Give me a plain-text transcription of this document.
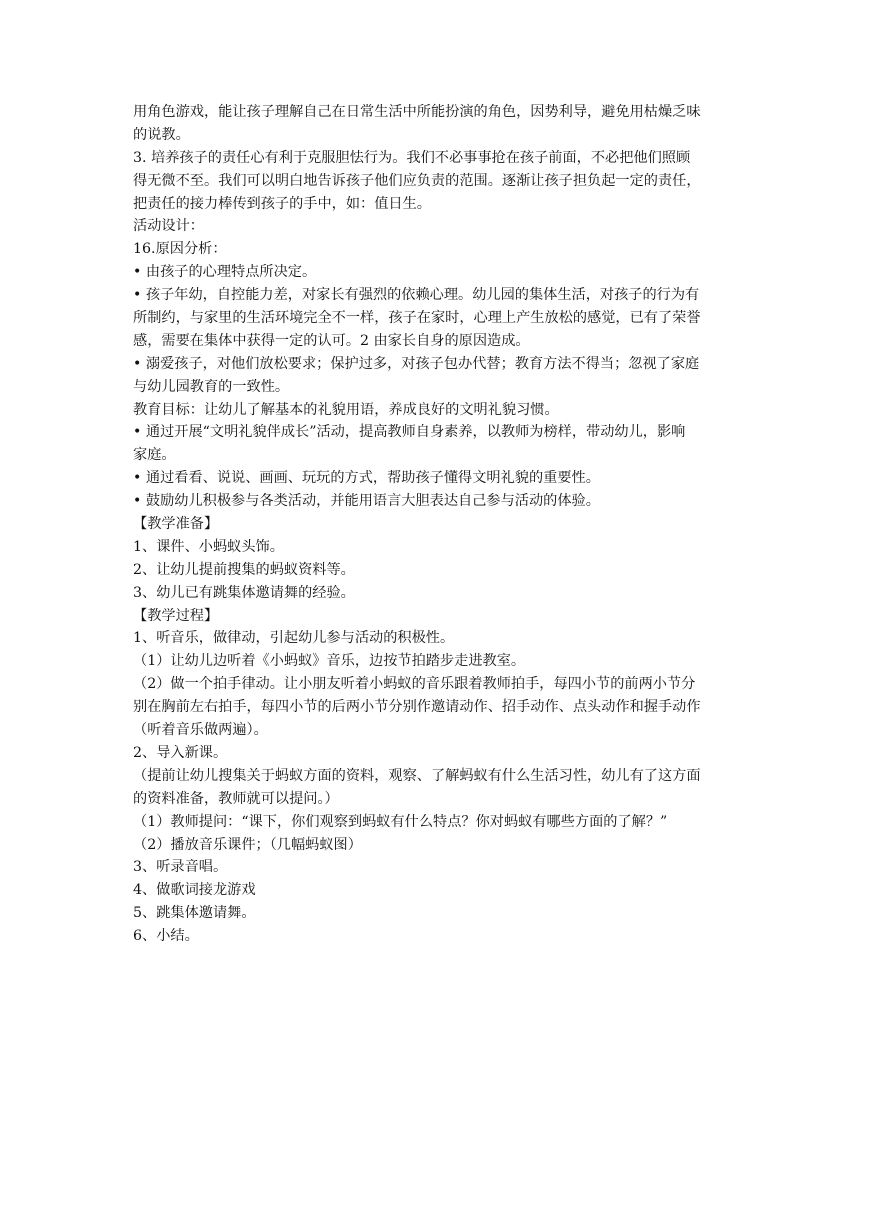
用角色游戏，能让孩子理解自己在日常生活中所能扮演的角色，因势利导，避免用枯燥乏味
的说教。
3. 培养孩子的责任心有利于克服胆怯行为。我们不必事事抢在孩子前面，不必把他们照顾
得无微不至。我们可以明白地告诉孩子他们应负责的范围。逐渐让孩子担负起一定的责任，
把责任的接力棒传到孩子的手中，如：值日生。
活动设计：
16.原因分析：
• 由孩子的心理特点所决定。
• 孩子年幼，自控能力差，对家长有强烈的依赖心理。幼儿园的集体生活，对孩子的行为有
所制约，与家里的生活环境完全不一样，孩子在家时，心理上产生放松的感觉，已有了荣誉
感，需要在集体中获得一定的认可。2 由家长自身的原因造成。
• 溺爱孩子，对他们放松要求；保护过多，对孩子包办代替；教育方法不得当；忽视了家庭
与幼儿园教育的一致性。
教育目标：让幼儿了解基本的礼貌用语，养成良好的文明礼貌习惯。
• 通过开展“文明礼貌伴成长”活动，提高教师自身素养，以教师为榜样，带动幼儿，影响
家庭。
• 通过看看、说说、画画、玩玩的方式，帮助孩子懂得文明礼貌的重要性。
• 鼓励幼儿积极参与各类活动，并能用语言大胆表达自己参与活动的体验。
【教学准备】
1、课件、小蚂蚁头饰。
2、让幼儿提前搜集的蚂蚁资料等。
3、幼儿已有跳集体邀请舞的经验。
【教学过程】
1、听音乐，做律动，引起幼儿参与活动的积极性。
（1）让幼儿边听着《小蚂蚁》音乐，边按节拍踏步走进教室。
（2）做一个拍手律动。让小朋友听着小蚂蚁的音乐跟着教师拍手，每四小节的前两小节分
别在胸前左右拍手，每四小节的后两小节分别作邀请动作、招手动作、点头动作和握手动作
（听着音乐做两遍）。
2、导入新课。
（提前让幼儿搜集关于蚂蚁方面的资料，观察、了解蚂蚁有什么生活习性，幼儿有了这方面
的资料准备，教师就可以提问。）
（1）教师提问：“课下，你们观察到蚂蚁有什么特点？你对蚂蚁有哪些方面的了解？”
（2）播放音乐课件；（几幅蚂蚁图）
3、听录音唱。
4、做歌词接龙游戏
5、跳集体邀请舞。
6、小结。
